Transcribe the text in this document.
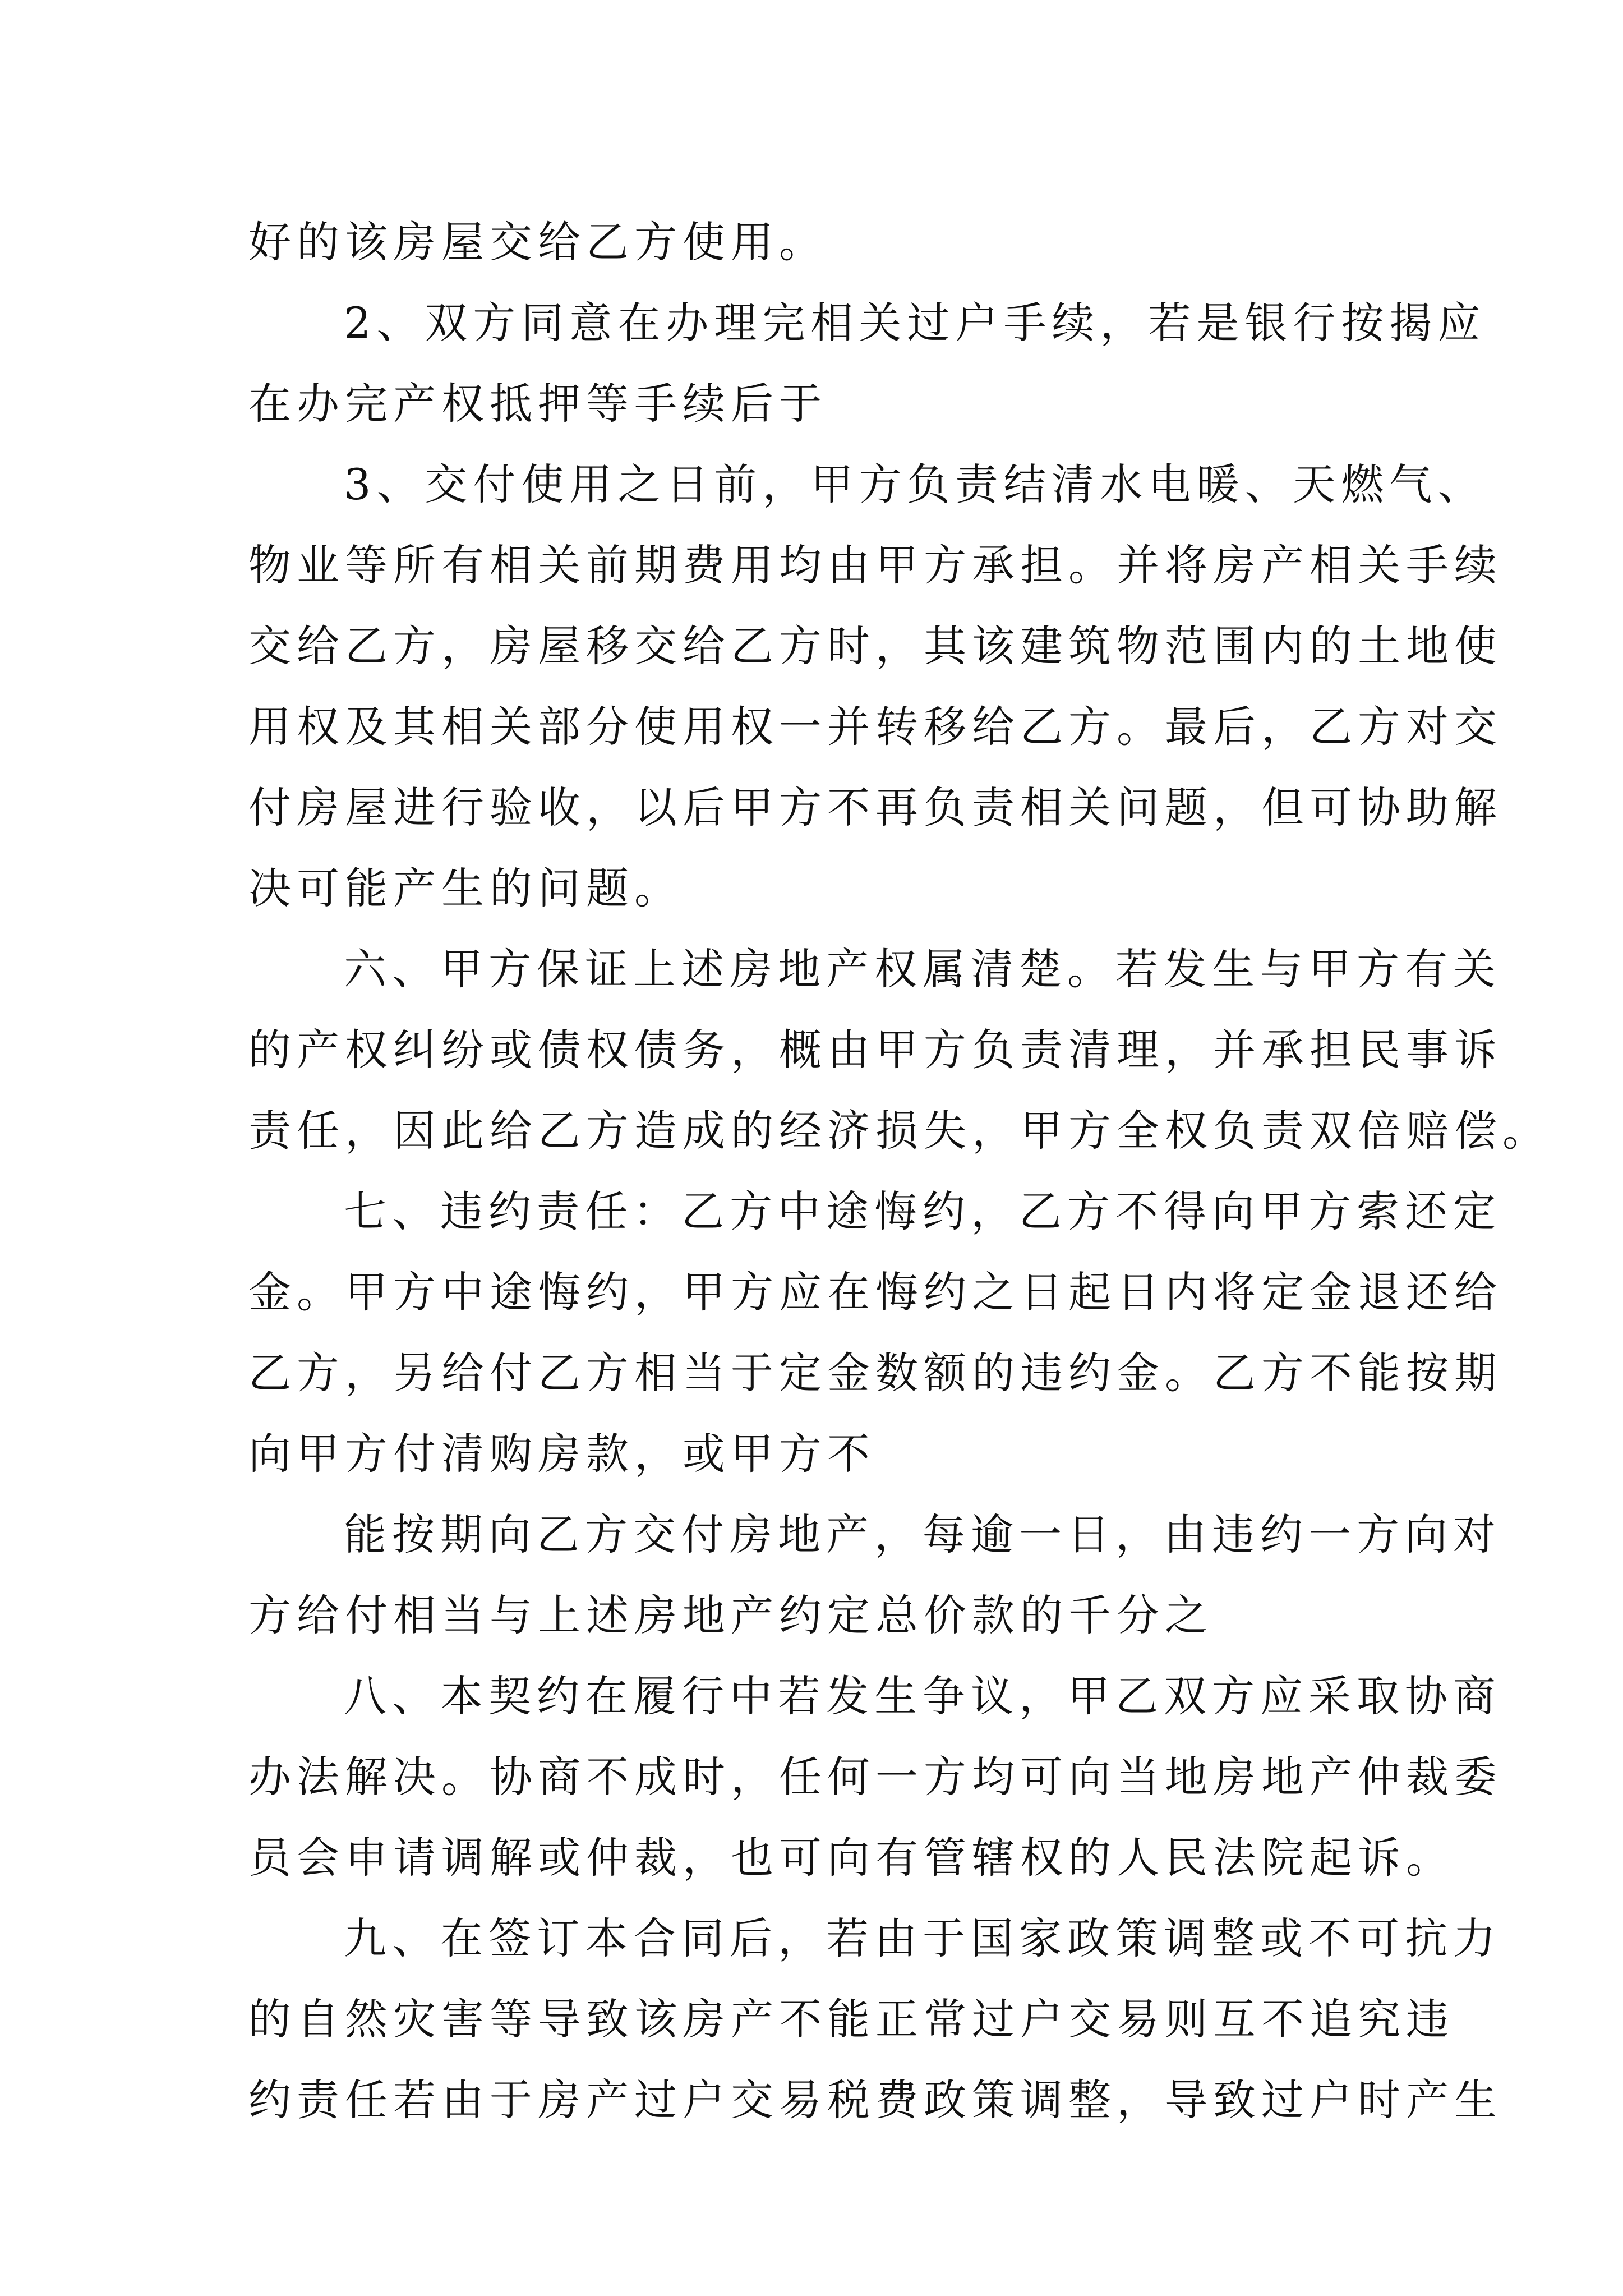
好的该房屋交给乙方使用。
2、双方同意在办理完相关过户手续，若是银行按揭应
在办完产权抵押等手续后于
3、交付使用之日前，甲方负责结清水电暖、天燃气、
物业等所有相关前期费用均由甲方承担。并将房产相关手续
交给乙方，房屋移交给乙方时，其该建筑物范围内的土地使
用权及其相关部分使用权一并转移给乙方。最后，乙方对交
付房屋进行验收，以后甲方不再负责相关问题，但可协助解
决可能产生的问题。
六、甲方保证上述房地产权属清楚。若发生与甲方有关
的产权纠纷或债权债务，概由甲方负责清理，并承担民事诉
责任，因此给乙方造成的经济损失，甲方全权负责双倍赔偿。
七、违约责任：乙方中途悔约，乙方不得向甲方索还定
金。甲方中途悔约，甲方应在悔约之日起日内将定金退还给
乙方，另给付乙方相当于定金数额的违约金。乙方不能按期
向甲方付清购房款，或甲方不
能按期向乙方交付房地产，每逾一日，由违约一方向对
方给付相当与上述房地产约定总价款的千分之
八、本契约在履行中若发生争议，甲乙双方应采取协商
办法解决。协商不成时，任何一方均可向当地房地产仲裁委
员会申请调解或仲裁，也可向有管辖权的人民法院起诉。
九、在签订本合同后，若由于国家政策调整或不可抗力
的自然灾害等导致该房产不能正常过户交易则互不追究违
约责任若由于房产过户交易税费政策调整，导致过户时产生
